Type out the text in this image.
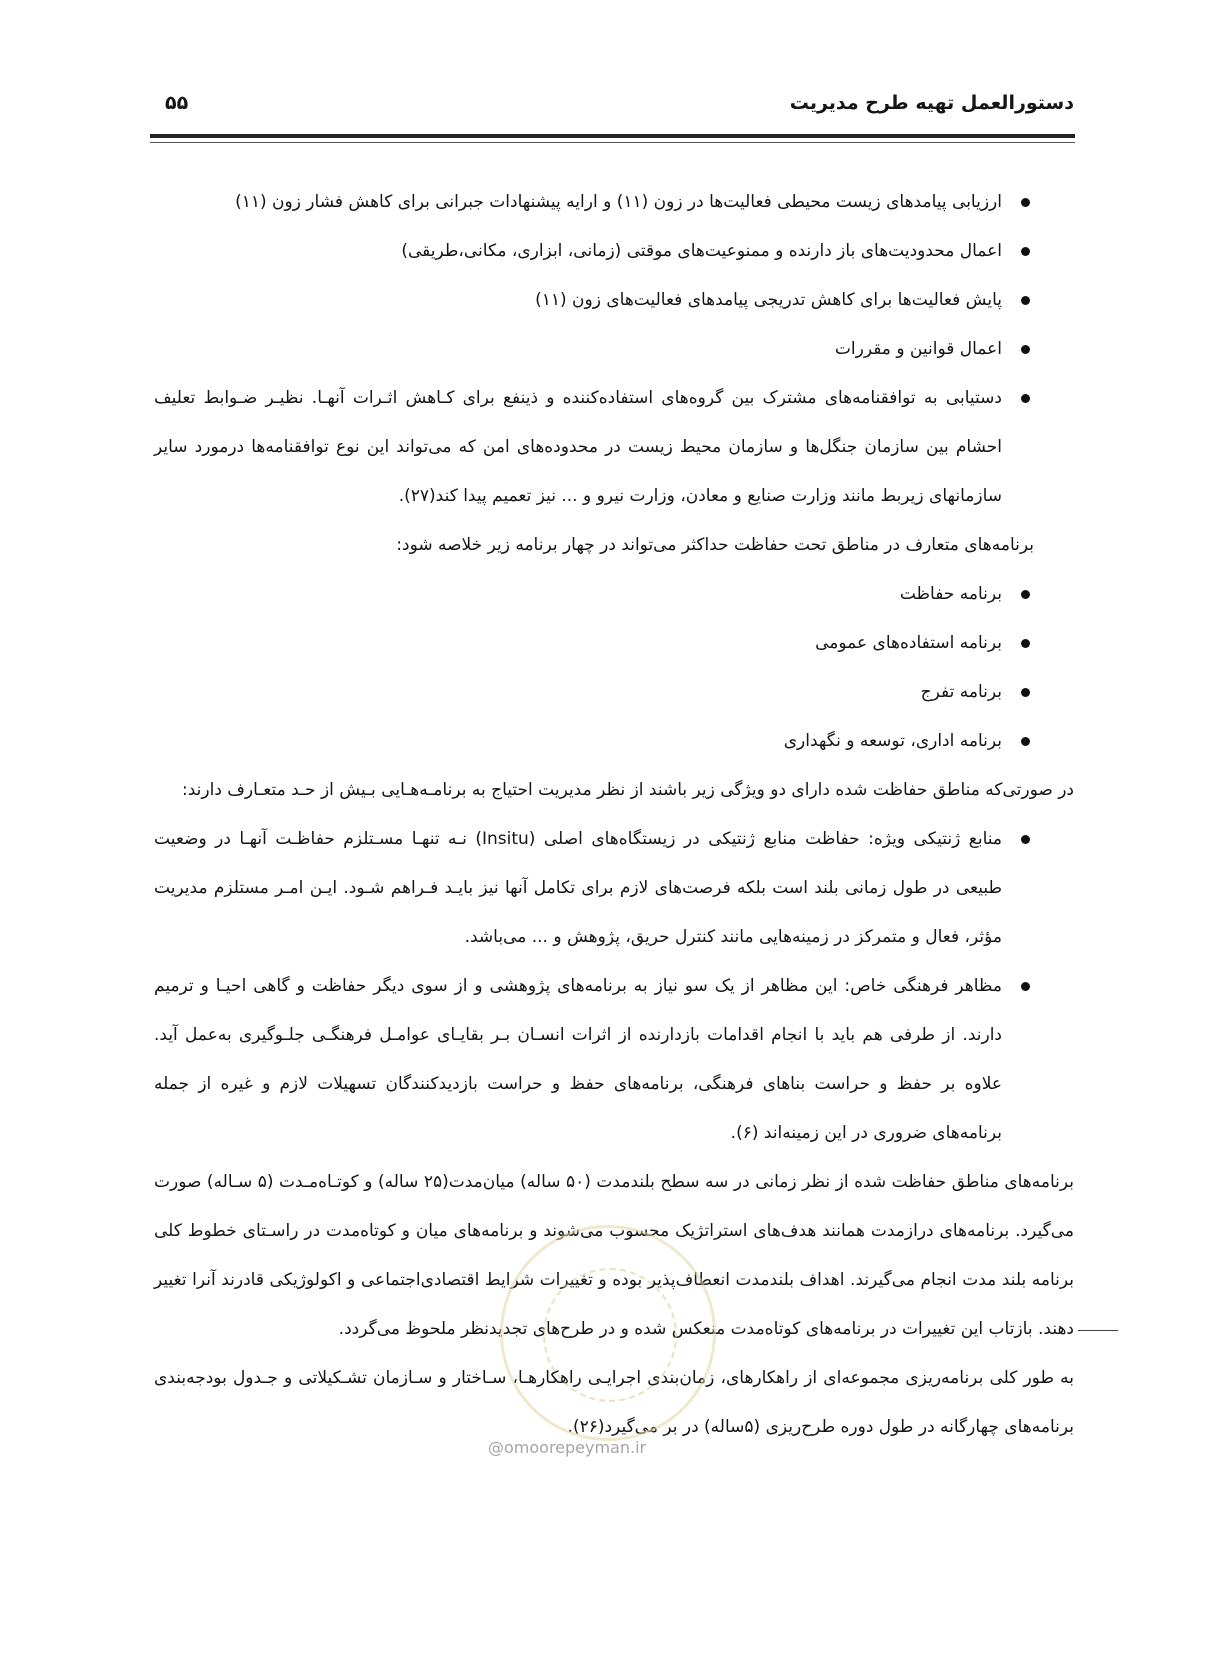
دستورالعمل تهیه طرح مدیریت
۵۵
ارزیابی پیامدهای زیست محیطی فعالیت‌ها در زون (۱۱) و ارایه پیشنهادات جبرانی برای کاهش فشار زون (۱۱)
اعمال محدودیت‌های باز دارنده و ممنوعیت‌های موقتی (زمانی، ابزاری، مکانی،طریقی)
پایش فعالیت‌ها برای کاهش تدریجی پیامدهای فعالیت‌های زون (۱۱)
اعمال قوانین و مقررات
دستیابی به توافقنامه‌های مشترک بین گروه‌های استفاده‌کننده و ذینفع برای کـاهش اثـرات آنهـا. نظیـر ضـوابط تعلیف احشام بین سازمان جنگل‌ها و سازمان محیط زیست در محدوده‌های امن که می‌تواند این نوع توافقنامه‌ها درمورد سایر سازمانهای زیربط مانند وزارت صنایع و معادن، وزارت نیرو و ... نیز تعمیم پیدا کند(۲۷).
برنامه‌های متعارف در مناطق تحت حفاظت حداکثر می‌تواند در چهار برنامه زیر خلاصه شود:
برنامه حفاظت
برنامه استفاده‌های عمومی
برنامه تفرج
برنامه اداری، توسعه و نگهداری
در صورتی‌که مناطق حفاظت شده دارای دو ویژگی زیر باشند از نظر مدیریت احتیاج به برنامـه‌هـایی بـیش از حـد متعـارف دارند:
منابع ژنتیکی ویژه: حفاظت منابع ژنتیکی در زیستگاه‌های اصلی (Insitu) نـه تنهـا مسـتلزم حفاظـت آنهـا در وضعیت طبیعی در طول زمانی بلند است بلکه فرصت‌های لازم برای تکامل آنها نیز بایـد فـراهم شـود. ایـن امـر مستلزم مدیریت مؤثر، فعال و متمرکز در زمینه‌هایی مانند کنترل حریق، پژوهش و ... می‌باشد.
مظاهر فرهنگی خاص: این مظاهر از یک سو نیاز به برنامه‌های پژوهشی و از سوی دیگر حفاظت و گاهی احیـا و ترمیم دارند. از طرفی هم باید با انجام اقدامات بازدارنده از اثرات انسـان بـر بقایـای عوامـل فرهنگـی جلـوگیری به‌عمل آید. علاوه بر حفظ و حراست بناهای فرهنگی، برنامه‌های حفظ و حراست بازدیدکنندگان تسهیلات لازم و غیره از جمله برنامه‌های ضروری در این زمینه‌اند (۶).
برنامه‌های مناطق حفاظت شده از نظر زمانی در سه سطح بلندمدت (۵۰ ساله) میان‌مدت(۲۵ ساله) و کوتـاه‌مـدت (۵ سـاله) صورت می‌گیرد. برنامه‌های درازمدت همانند هدف‌های استراتژیک محسوب می‌شوند و برنامه‌های میان و کوتاه‌مدت در راسـتای خطوط کلی برنامه بلند مدت انجام می‌گیرند. اهداف بلندمدت انعطاف‌پذیر بوده و تغییرات شرایط اقتصادی‌اجتماعی و اکولوژیکی قادرند آنرا تغییر دهند. بازتاب این تغییرات در برنامه‌های کوتاه‌مدت منعکس شده و در طرح‌های تجدیدنظر ملحوظ می‌گردد.
به طور کلی برنامه‌ریزی مجموعه‌ای از راهکارهای، زمان‌بندی اجرایـی راهکارهـا، سـاختار و سـازمان تشـکیلاتی و جـدول بودجه‌بندی برنامه‌های چهارگانه در طول دوره طرح‌ریزی (۵ساله) در بر می‌گیرد(۲۶).
@omoorepeyman.ir
